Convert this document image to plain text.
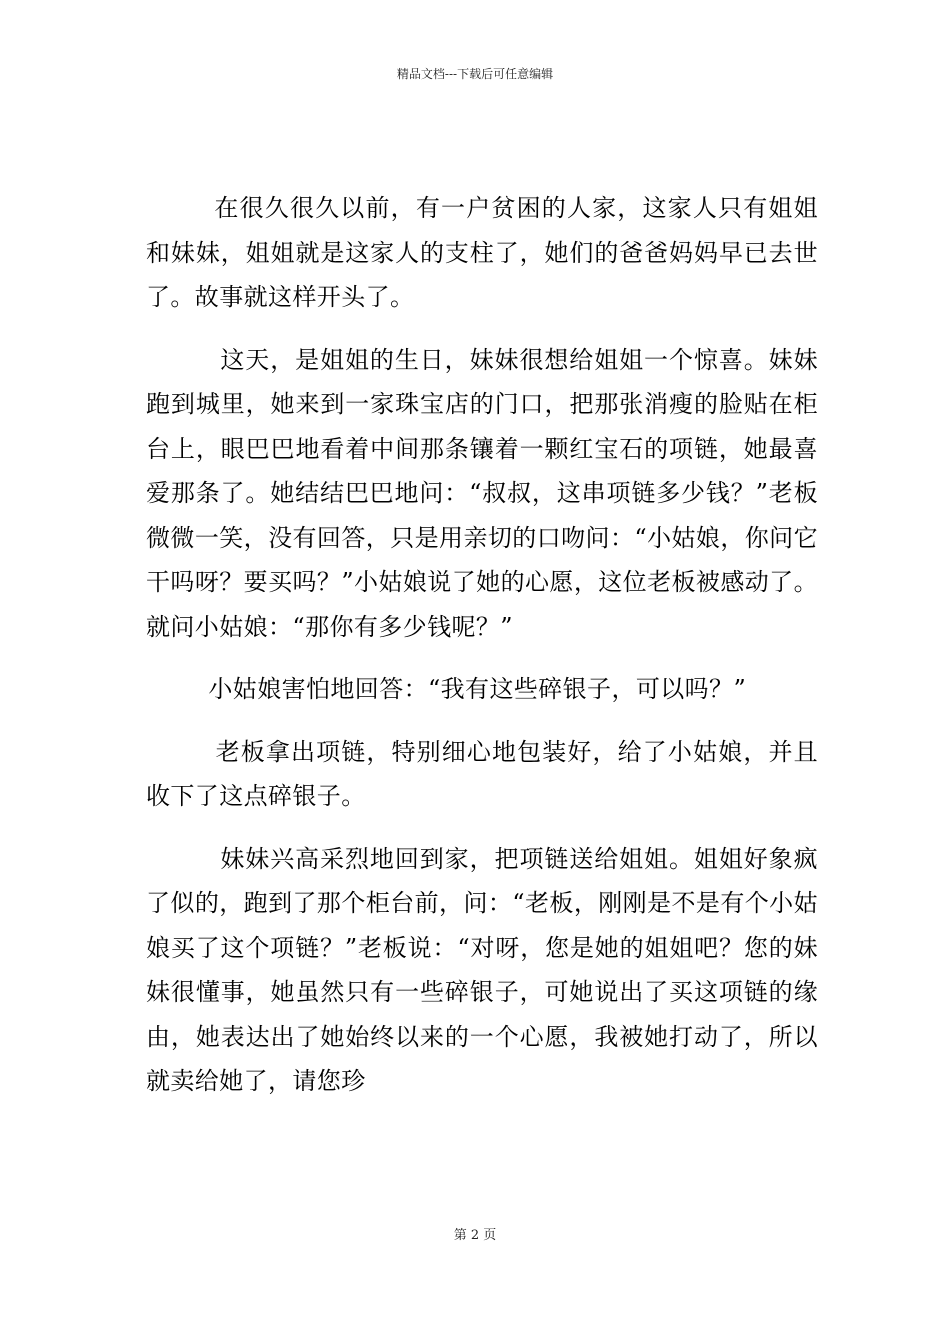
精品文档---下载后可任意编辑

在很久很久以前，有一户贫困的人家，这家人只有姐姐和妹妹，姐姐就是这家人的支柱了，她们的爸爸妈妈早已去世了。故事就这样开头了。

这天，是姐姐的生日，妹妹很想给姐姐一个惊喜。妹妹跑到城里，她来到一家珠宝店的门口，把那张消瘦的脸贴在柜台上，眼巴巴地看着中间那条镶着一颗红宝石的项链，她最喜爱那条了。她结结巴巴地问：“叔叔，这串项链多少钱？”老板微微一笑，没有回答，只是用亲切的口吻问：“小姑娘，你问它干吗呀？要买吗？”小姑娘说了她的心愿，这位老板被感动了。就问小姑娘：“那你有多少钱呢？”

小姑娘害怕地回答：“我有这些碎银子，可以吗？”

老板拿出项链，特别细心地包装好，给了小姑娘，并且收下了这点碎银子。

妹妹兴高采烈地回到家，把项链送给姐姐。姐姐好象疯了似的，跑到了那个柜台前，问：“老板，刚刚是不是有个小姑娘买了这个项链？”老板说：“对呀，您是她的姐姐吧？您的妹妹很懂事，她虽然只有一些碎银子，可她说出了买这项链的缘由，她表达出了她始终以来的一个心愿，我被她打动了，所以就卖给她了，请您珍

第 2 页
